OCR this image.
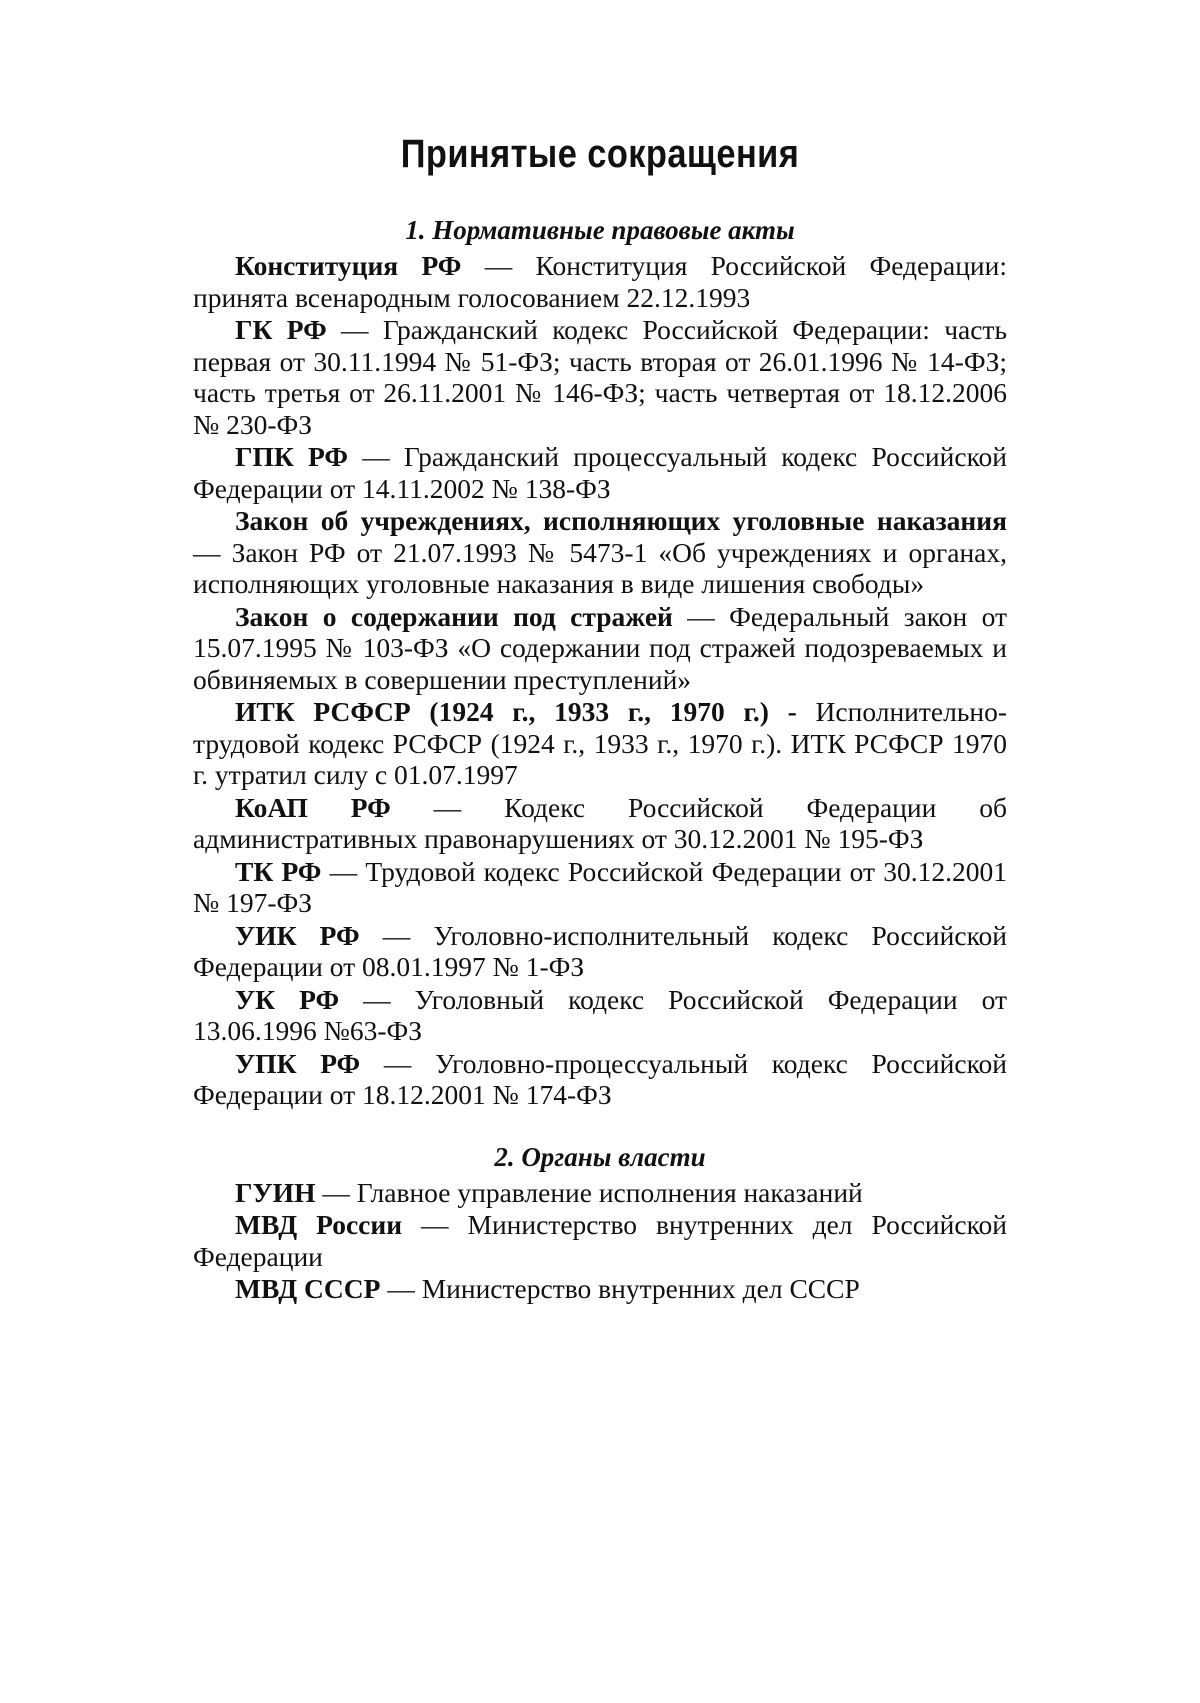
Принятые сокращения
1. Нормативные правовые акты

Конституция РФ — Конституция Российской Федерации: принята всенародным голосованием 22.12.1993

ГК РФ — Гражданский кодекс Российской Федерации: часть первая от 30.11.1994 № 51-ФЗ; часть вторая от 26.01.1996 № 14-ФЗ; часть третья от 26.11.2001 № 146-ФЗ; часть четвертая от 18.12.2006 № 230-ФЗ

ГПК РФ — Гражданский процессуальный кодекс Российской Федерации от 14.11.2002 № 138-ФЗ

Закон об учреждениях, исполняющих уголовные наказания — Закон РФ от 21.07.1993 № 5473-1 «Об учреждениях и органах, исполняющих уголовные наказания в виде лишения свободы»

Закон о содержании под стражей — Федеральный закон от 15.07.1995 № 103-ФЗ «О содержании под стражей подозреваемых и обвиняемых в совершении преступлений»

ИТК РСФСР (1924 г., 1933 г., 1970 г.) - Исполнительно-трудовой кодекс РСФСР (1924 г., 1933 г., 1970 г.). ИТК РСФСР 1970 г. утратил силу с 01.07.1997

КоАП РФ — Кодекс Российской Федерации об административных правонарушениях от 30.12.2001 № 195-ФЗ

ТК РФ — Трудовой кодекс Российской Федерации от 30.12.2001 № 197-ФЗ

УИК РФ — Уголовно-исполнительный кодекс Российской Федерации от 08.01.1997 № 1-ФЗ

УК РФ — Уголовный кодекс Российской Федерации от 13.06.1996 №63-ФЗ

УПК РФ — Уголовно-процессуальный кодекс Российской Федерации от 18.12.2001 № 174-ФЗ

2. Органы власти

ГУИН — Главное управление исполнения наказаний

МВД России — Министерство внутренних дел Российской Федерации

МВД СССР — Министерство внутренних дел СССР
